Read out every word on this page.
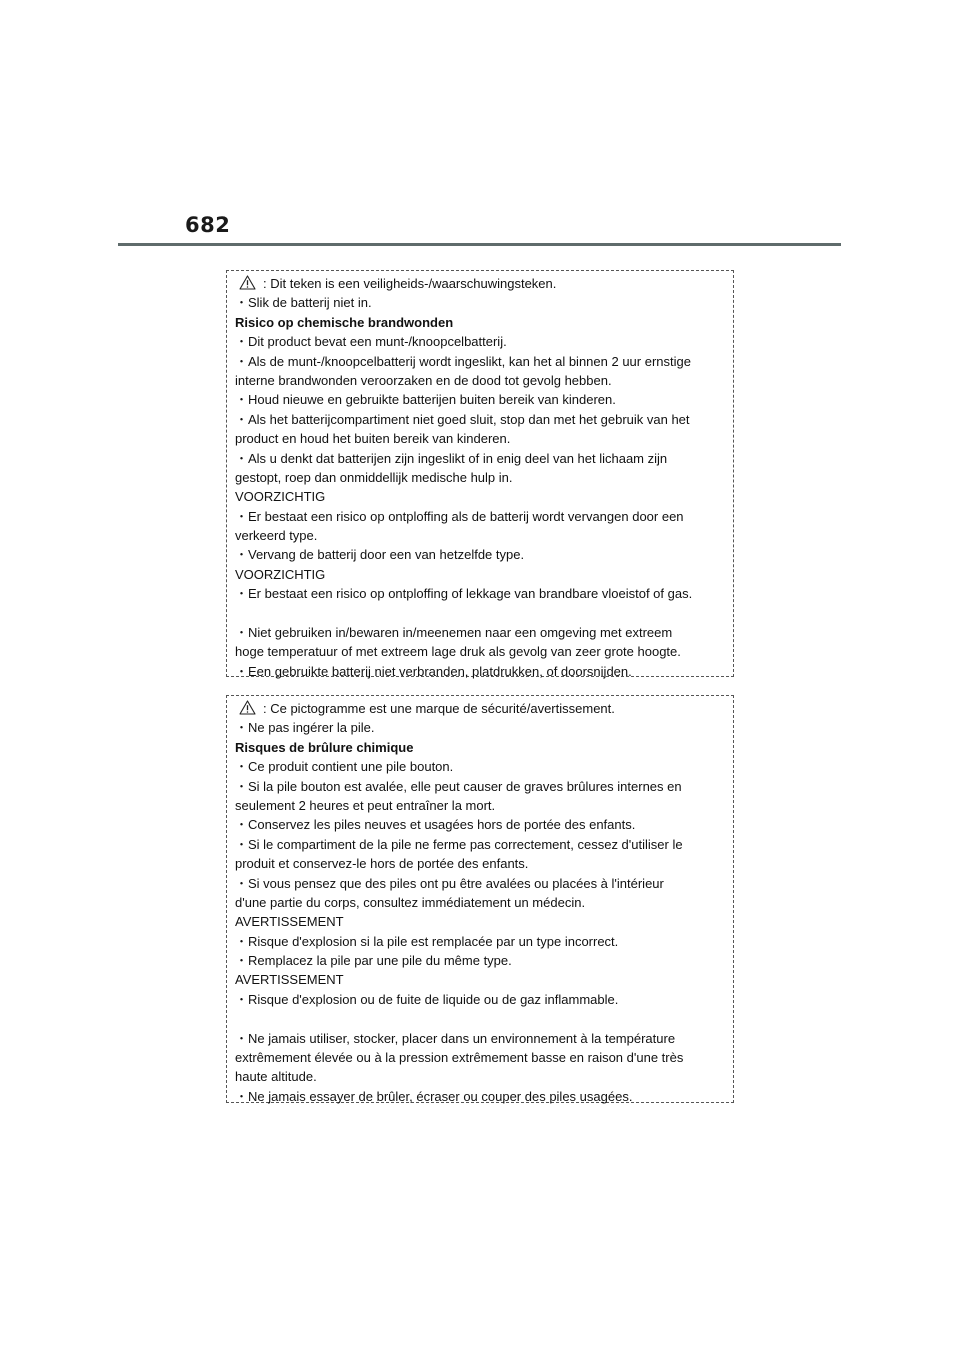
682
: Dit teken is een veiligheids-/waarschuwingsteken.
・Slik de batterij niet in.
Risico op chemische brandwonden
・Dit product bevat een munt-/knoopcelbatterij.
・Als de munt-/knoopcelbatterij wordt ingeslikt, kan het al binnen 2 uur ernstige
interne brandwonden veroorzaken en de dood tot gevolg hebben.
・Houd nieuwe en gebruikte batterijen buiten bereik van kinderen.
・Als het batterijcompartiment niet goed sluit, stop dan met het gebruik van het
product en houd het buiten bereik van kinderen.
・Als u denkt dat batterijen zijn ingeslikt of in enig deel van het lichaam zijn
gestopt, roep dan onmiddellijk medische hulp in.
VOORZICHTIG
・Er bestaat een risico op ontploffing als de batterij wordt vervangen door een
verkeerd type.
・Vervang de batterij door een van hetzelfde type.
VOORZICHTIG
・Er bestaat een risico op ontploffing of lekkage van brandbare vloeistof of gas.
・Niet gebruiken in/bewaren in/meenemen naar een omgeving met extreem
hoge temperatuur of met extreem lage druk als gevolg van zeer grote hoogte.
・Een gebruikte batterij niet verbranden, platdrukken, of doorsnijden.
: Ce pictogramme est une marque de sécurité/avertissement.
・Ne pas ingérer la pile.
Risques de brûlure chimique
・Ce produit contient une pile bouton.
・Si la pile bouton est avalée, elle peut causer de graves brûlures internes en
seulement 2 heures et peut entraîner la mort.
・Conservez les piles neuves et usagées hors de portée des enfants.
・Si le compartiment de la pile ne ferme pas correctement, cessez d'utiliser le
produit et conservez-le hors de portée des enfants.
・Si vous pensez que des piles ont pu être avalées ou placées à l'intérieur
d'une partie du corps, consultez immédiatement un médecin.
AVERTISSEMENT
・Risque d'explosion si la pile est remplacée par un type incorrect.
・Remplacez la pile par une pile du même type.
AVERTISSEMENT
・Risque d'explosion ou de fuite de liquide ou de gaz inflammable.
・Ne jamais utiliser, stocker, placer dans un environnement à la température
extrêmement élevée ou à la pression extrêmement basse en raison d'une très
haute altitude.
・Ne jamais essayer de brûler, écraser ou couper des piles usagées.
